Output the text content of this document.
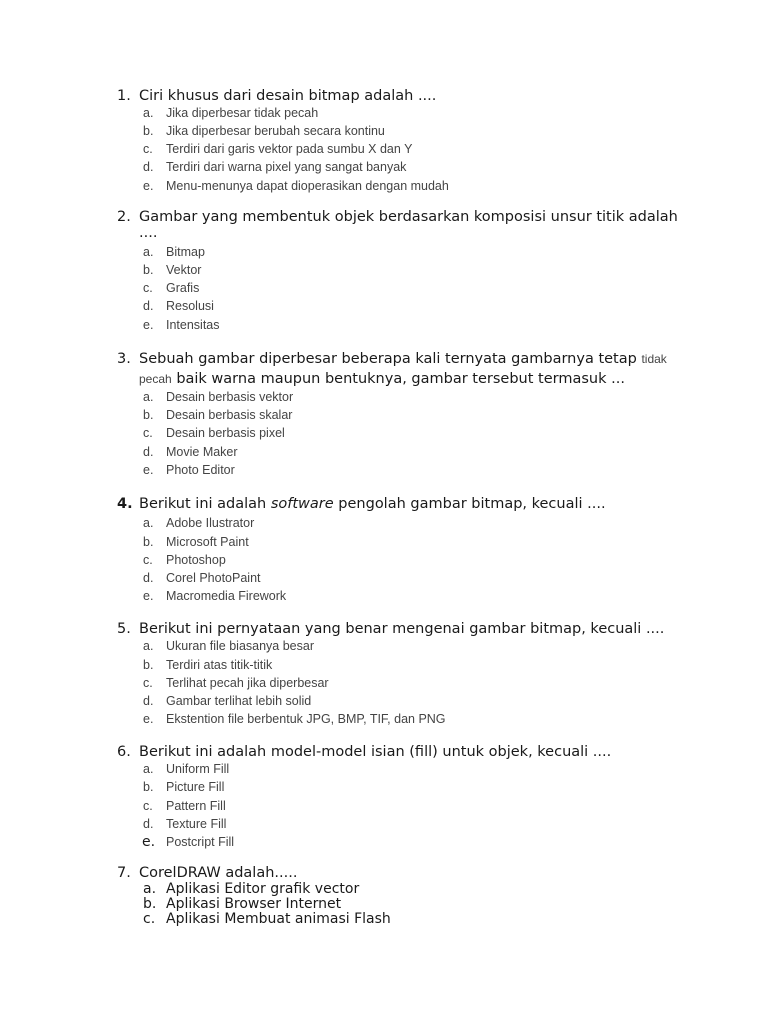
1. Ciri khusus dari desain bitmap adalah ....
a. Jika diperbesar tidak pecah
b. Jika diperbesar berubah secara kontinu
c. Terdiri dari garis vektor pada sumbu X dan Y
d. Terdiri dari warna pixel yang sangat banyak
e. Menu-menunya dapat dioperasikan dengan mudah
2. Gambar yang membentuk objek berdasarkan komposisi unsur titik adalah
....
a. Bitmap
b. Vektor
c. Grafis
d. Resolusi
e. Intensitas
3. Sebuah gambar diperbesar beberapa kali ternyata gambarnya tetap tidak
pecah baik warna maupun bentuknya, gambar tersebut termasuk ...
a. Desain berbasis vektor
b. Desain berbasis skalar
c. Desain berbasis pixel
d. Movie Maker
e. Photo Editor
4. Berikut ini adalah software pengolah gambar bitmap, kecuali ....
a. Adobe Ilustrator
b. Microsoft Paint
c. Photoshop
d. Corel PhotoPaint
e. Macromedia Firework
5. Berikut ini pernyataan yang benar mengenai gambar bitmap, kecuali ....
a. Ukuran file biasanya besar
b. Terdiri atas titik-titik
c. Terlihat pecah jika diperbesar
d. Gambar terlihat lebih solid
e. Ekstention file berbentuk JPG, BMP, TIF, dan PNG
6. Berikut ini adalah model-model isian (fill) untuk objek, kecuali ....
a. Uniform Fill
b. Picture Fill
c. Pattern Fill
d. Texture Fill
e. Postcript Fill
7. CorelDRAW adalah.....
a. Aplikasi Editor grafik vector
b. Aplikasi Browser Internet
c. Aplikasi Membuat animasi Flash
